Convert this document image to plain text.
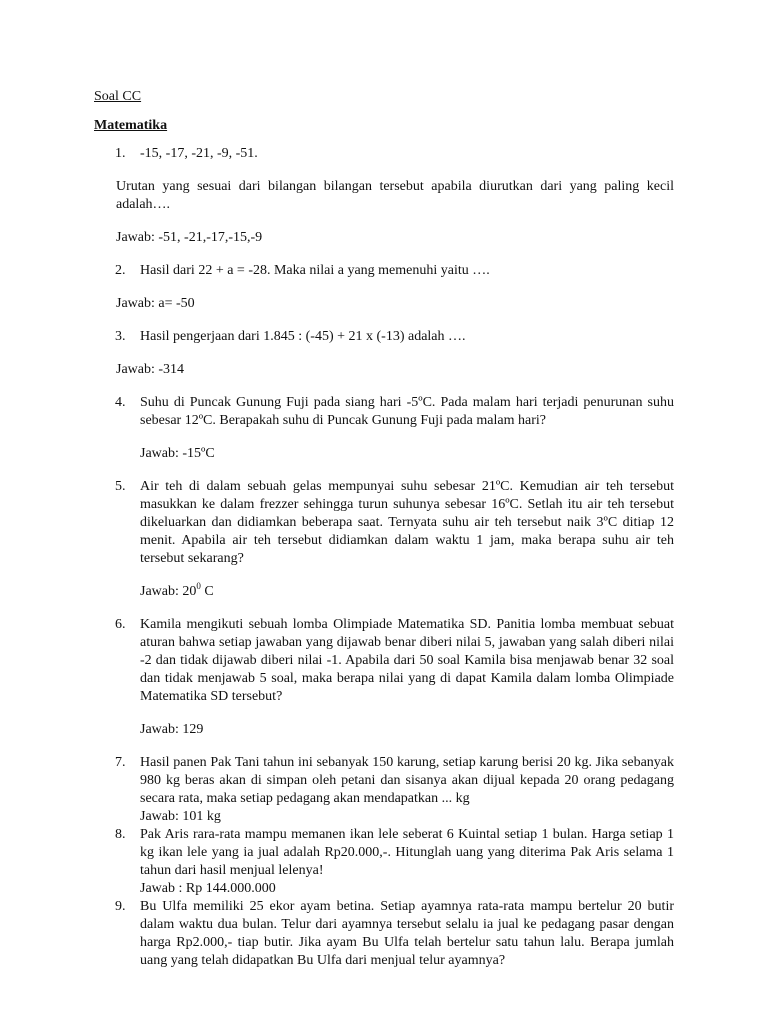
Soal CC
Matematika
1. -15, -17, -21, -9, -51.
Urutan yang sesuai dari bilangan bilangan tersebut apabila diurutkan dari yang paling kecil adalah….
Jawab: -51, -21,-17,-15,-9
2. Hasil dari 22 + a = -28. Maka nilai a yang memenuhi yaitu ….
Jawab: a= -50
3. Hasil pengerjaan dari 1.845 : (-45) + 21 x (-13) adalah ….
Jawab: -314
4. Suhu di Puncak Gunung Fuji pada siang hari -5ºC. Pada malam hari terjadi penurunan suhu sebesar 12ºC. Berapakah suhu di Puncak Gunung Fuji pada malam hari?
Jawab: -15ºC
5. Air teh di dalam sebuah gelas mempunyai suhu sebesar 21ºC. Kemudian air teh tersebut masukkan ke dalam frezzer sehingga turun suhunya sebesar 16ºC. Setlah itu air teh tersebut dikeluarkan dan didiamkan beberapa saat. Ternyata suhu air teh tersebut naik 3ºC ditiap 12 menit. Apabila air teh tersebut didiamkan dalam waktu 1 jam, maka berapa suhu air teh tersebut sekarang?
Jawab: $20^0$ C
6. Kamila mengikuti sebuah lomba Olimpiade Matematika SD. Panitia lomba membuat sebuat aturan bahwa setiap jawaban yang dijawab benar diberi nilai 5, jawaban yang salah diberi nilai -2 dan tidak dijawab diberi nilai -1. Apabila dari 50 soal Kamila bisa menjawab benar 32 soal dan tidak menjawab 5 soal, maka berapa nilai yang di dapat Kamila dalam lomba Olimpiade Matematika SD tersebut?
Jawab: 129
7. Hasil panen Pak Tani tahun ini sebanyak 150 karung, setiap karung berisi 20 kg. Jika sebanyak 980 kg beras akan di simpan oleh petani dan sisanya akan dijual kepada 20 orang pedagang secara rata, maka setiap pedagang akan mendapatkan ... kg
Jawab: 101 kg
8. Pak Aris rara-rata mampu memanen ikan lele seberat 6 Kuintal setiap 1 bulan. Harga setiap 1 kg ikan lele yang ia jual adalah Rp20.000,-. Hitunglah uang yang diterima Pak Aris selama 1 tahun dari hasil menjual lelenya!
Jawab : Rp 144.000.000
9. Bu Ulfa memiliki 25 ekor ayam betina. Setiap ayamnya rata-rata mampu bertelur 20 butir dalam waktu dua bulan. Telur dari ayamnya tersebut selalu ia jual ke pedagang pasar dengan harga Rp2.000,- tiap butir. Jika ayam Bu Ulfa telah bertelur satu tahun lalu. Berapa jumlah uang yang telah didapatkan Bu Ulfa dari menjual telur ayamnya?
